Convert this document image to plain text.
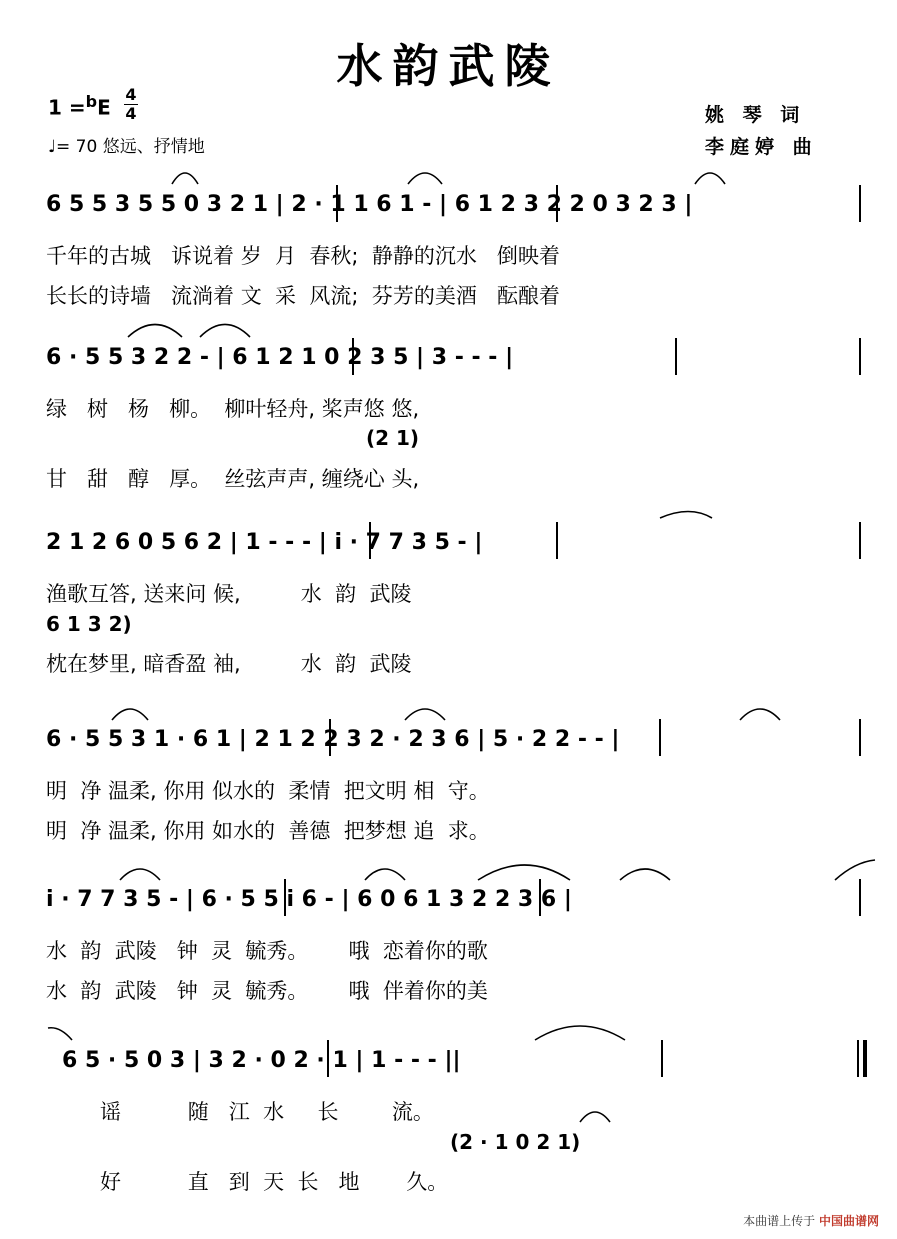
水韵武陵
1 =$^b$E
4
4
♩= 70 悠远、抒情地
姚 琴 词
李庭婷 曲
6 5 5 3 5 5 0 3 2 1 | 2 · 1 1 6 1 - | 6 1 2 3 2 2 0 3 2 3 |
千年的古城   诉说着 岁  月  春秋;  静静的沉水   倒映着
长长的诗墙   流淌着 文  采  风流;  芬芳的美酒   酝酿着
6 · 5 5 3 2 2 - | 6 1 2 1 0 2 3 5 | 3 - - - |
绿   树   杨   柳。  柳叶轻舟, 桨声悠 悠,
(2 1)
甘   甜   醇   厚。  丝弦声声, 缠绕心 头,
2 1 2 6 0 5 6 2 | 1 - - - | i · 7 7 3 5 - |
渔歌互答, 送来问 候,         水  韵  武陵
6 1 3 2)
枕在梦里, 暗香盈 袖,         水  韵  武陵
6 · 5 5 3 1 · 6 1 | 2 1 2 2 3 2 · 2 3 6 | 5 · 2 2 - - |
明  净 温柔, 你用 似水的  柔情  把文明 相  守。
明  净 温柔, 你用 如水的  善德  把梦想 追  求。
i · 7 7 3 5 - | 6 · 5 5 i 6 - | 6 0 6 1 3 2 2 3 6 |
水  韵  武陵   钟  灵  毓秀。      哦  恋着你的歌
水  韵  武陵   钟  灵  毓秀。      哦  伴着你的美
6 5 · 5 0 3 | 3 2 · 0 2 · 1 | 1 - - - ||
谣          随   江  水     长        流。
(2 · 1 0 2 1)
好          直   到  天  长   地       久。
本曲谱上传于 中国曲谱网
